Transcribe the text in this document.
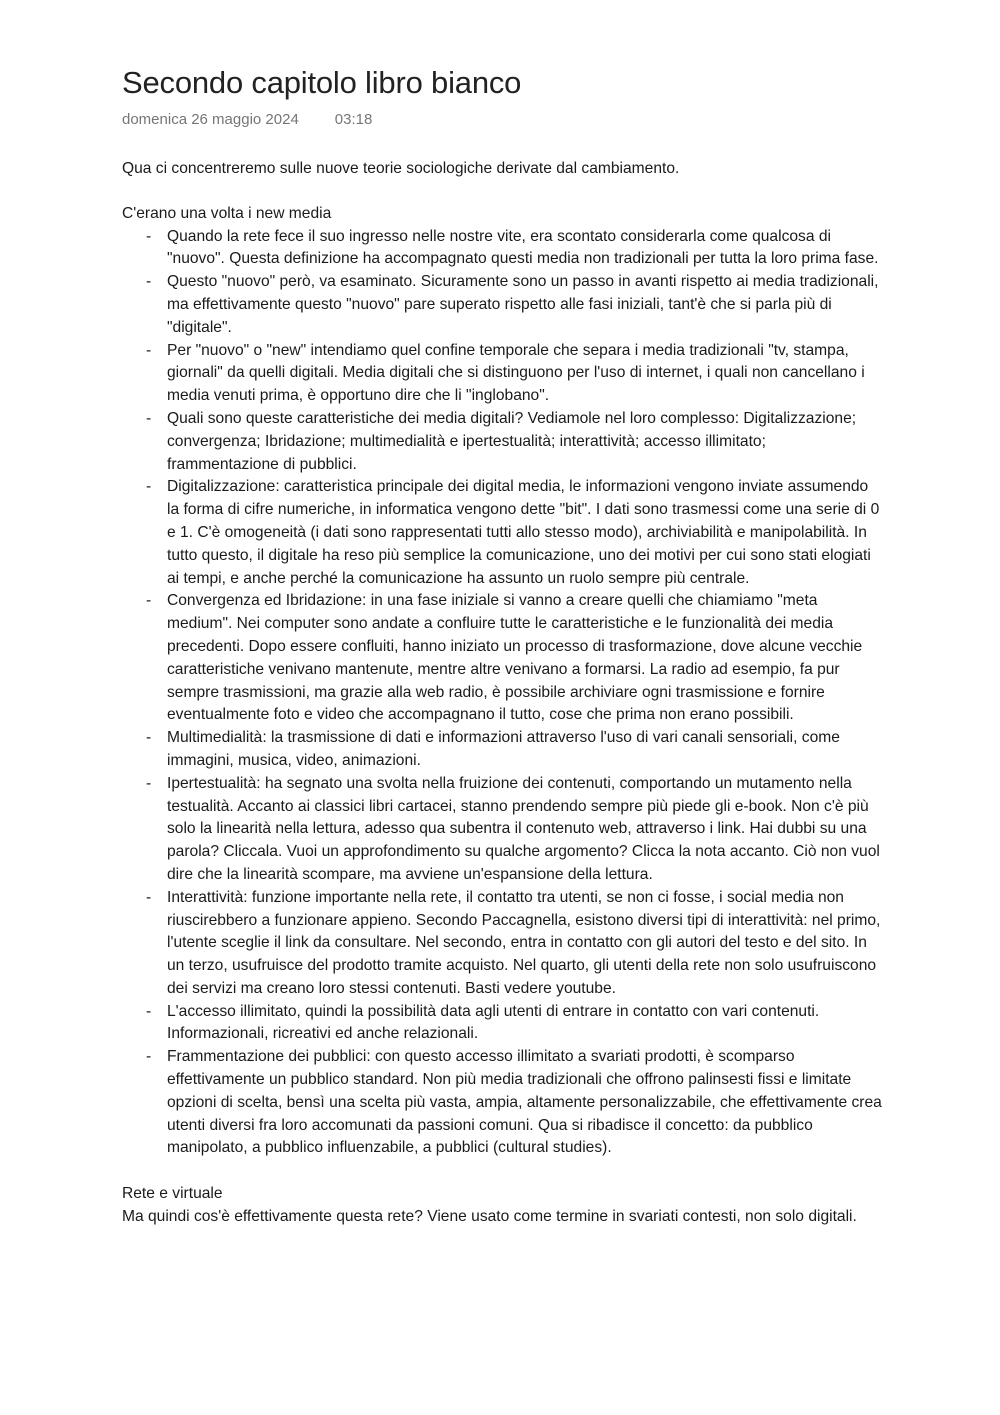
Secondo capitolo libro bianco
domenica 26 maggio 2024 03:18

Qua ci concentreremo sulle nuove teorie sociologiche derivate dal cambiamento.

C'erano una volta i new media

- Quando la rete fece il suo ingresso nelle nostre vite, era scontato considerarla come qualcosa di "nuovo". Questa definizione ha accompagnato questi media non tradizionali per tutta la loro prima fase.
- Questo "nuovo" però, va esaminato. Sicuramente sono un passo in avanti rispetto ai media tradizionali, ma effettivamente questo "nuovo" pare superato rispetto alle fasi iniziali, tant'è che si parla più di "digitale".
- Per "nuovo" o "new" intendiamo quel confine temporale che separa i media tradizionali "tv, stampa, giornali" da quelli digitali. Media digitali che si distinguono per l'uso di internet, i quali non cancellano i media venuti prima, è opportuno dire che li "inglobano".
- Quali sono queste caratteristiche dei media digitali? Vediamole nel loro complesso: Digitalizzazione; convergenza; Ibridazione; multimedialità e ipertestualità; interattività; accesso illimitato; frammentazione di pubblici.
- Digitalizzazione: caratteristica principale dei digital media, le informazioni vengono inviate assumendo la forma di cifre numeriche, in informatica vengono dette "bit". I dati sono trasmessi come una serie di 0 e 1. C'è omogeneità (i dati sono rappresentati tutti allo stesso modo), archiviabilità e manipolabilità. In tutto questo, il digitale ha reso più semplice la comunicazione, uno dei motivi per cui sono stati elogiati ai tempi, e anche perché la comunicazione ha assunto un ruolo sempre più centrale.
- Convergenza ed Ibridazione: in una fase iniziale si vanno a creare quelli che chiamiamo "meta medium". Nei computer sono andate a confluire tutte le caratteristiche e le funzionalità dei media precedenti. Dopo essere confluiti, hanno iniziato un processo di trasformazione, dove alcune vecchie caratteristiche venivano mantenute, mentre altre venivano a formarsi. La radio ad esempio, fa pur sempre trasmissioni, ma grazie alla web radio, è possibile archiviare ogni trasmissione e fornire eventualmente foto e video che accompagnano il tutto, cose che prima non erano possibili.
- Multimedialità: la trasmissione di dati e informazioni attraverso l'uso di vari canali sensoriali, come immagini, musica, video, animazioni.
- Ipertestualità: ha segnato una svolta nella fruizione dei contenuti, comportando un mutamento nella testualità. Accanto ai classici libri cartacei, stanno prendendo sempre più piede gli e-book. Non c'è più solo la linearità nella lettura, adesso qua subentra il contenuto web, attraverso i link. Hai dubbi su una parola? Cliccala. Vuoi un approfondimento su qualche argomento? Clicca la nota accanto. Ciò non vuol dire che la linearità scompare, ma avviene un'espansione della lettura.
- Interattività: funzione importante nella rete, il contatto tra utenti, se non ci fosse, i social media non riuscirebbero a funzionare appieno. Secondo Paccagnella, esistono diversi tipi di interattività: nel primo, l'utente sceglie il link da consultare. Nel secondo, entra in contatto con gli autori del testo e del sito. In un terzo, usufruisce del prodotto tramite acquisto. Nel quarto, gli utenti della rete non solo usufruiscono dei servizi ma creano loro stessi contenuti. Basti vedere youtube.
- L'accesso illimitato, quindi la possibilità data agli utenti di entrare in contatto con vari contenuti. Informazionali, ricreativi ed anche relazionali.
- Frammentazione dei pubblici: con questo accesso illimitato a svariati prodotti, è scomparso effettivamente un pubblico standard. Non più media tradizionali che offrono palinsesti fissi e limitate opzioni di scelta, bensì una scelta più vasta, ampia, altamente personalizzabile, che effettivamente crea utenti diversi fra loro accomunati da passioni comuni. Qua si ribadisce il concetto: da pubblico manipolato, a pubblico influenzabile, a pubblici (cultural studies).

Rete e virtuale

Ma quindi cos'è effettivamente questa rete? Viene usato come termine in svariati contesti, non solo digitali.
